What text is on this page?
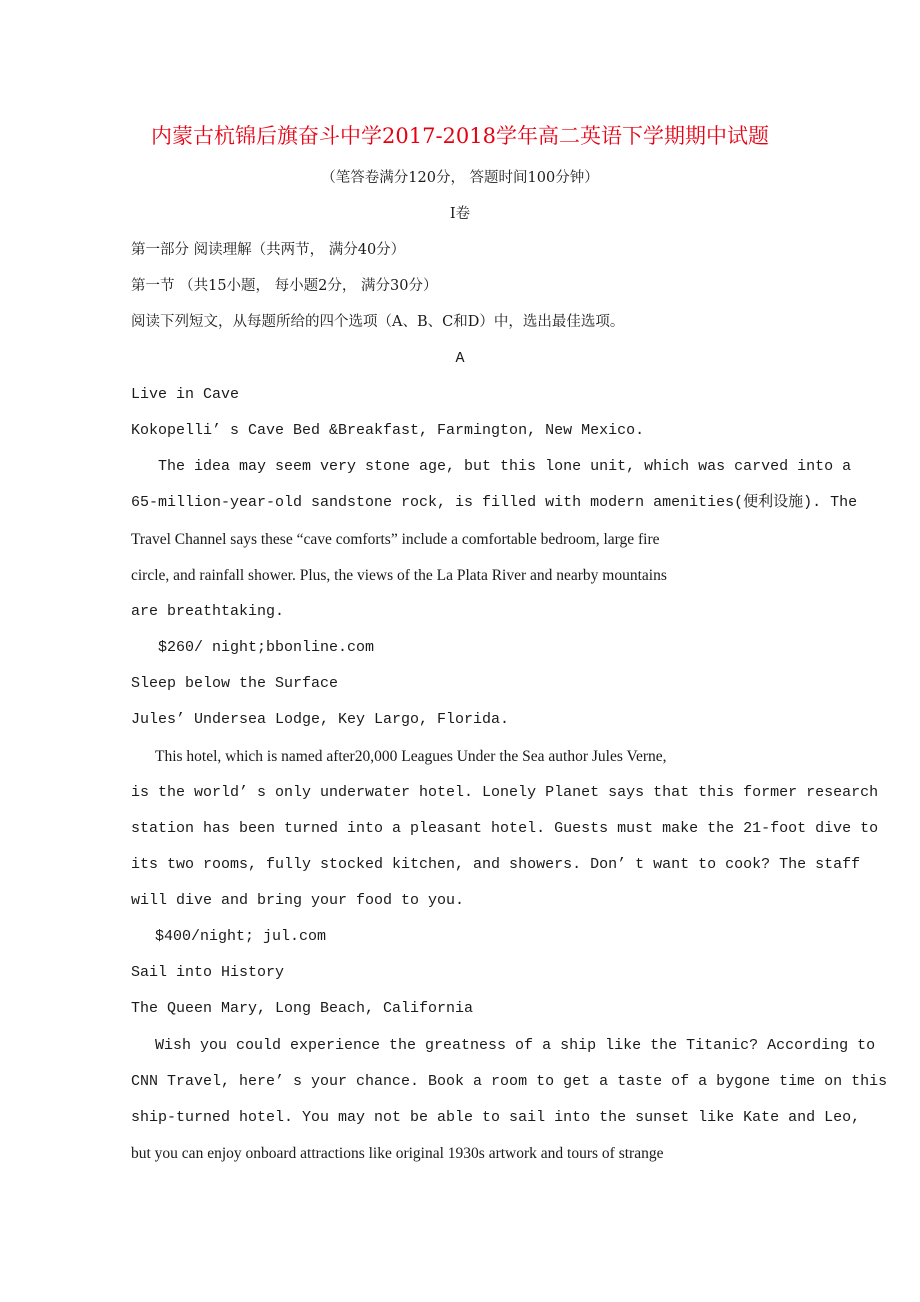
内蒙古杭锦后旗奋斗中学2017-2018学年高二英语下学期期中试题
（笔答卷满分120分， 答题时间100分钟）
Ⅰ卷
第一部分 阅读理解（共两节， 满分40分）
第一节 （共15小题， 每小题2分， 满分30分）
阅读下列短文，从每题所给的四个选项（A、B、C和D）中，选出最佳选项。
A
Live in Cave
Kokopelli’ s Cave Bed &Breakfast, Farmington, New Mexico.
The idea may seem very stone age, but this lone unit, which was carved into a
65-million-year-old sandstone rock, is filled with modern amenities(便利设施). The
Travel Channel says these “cave comforts” include a comfortable bedroom, large fire
circle, and rainfall shower. Plus, the views of the La Plata River and nearby mountains
are breathtaking.
$260/ night;bbonline.com
Sleep below the Surface
Jules’ Undersea Lodge, Key Largo, Florida.
This hotel, which is named after20,000 Leagues Under the Sea author Jules Verne,
is the world’ s only underwater hotel. Lonely Planet says that this former research
station has been turned into a pleasant hotel. Guests must make the 21-foot dive to
its two rooms, fully stocked kitchen, and showers. Don’ t want to cook? The staff
will dive and bring your food to you.
$400/night; jul.com
Sail into History
The Queen Mary, Long Beach, California
Wish you could experience the greatness of a ship like the Titanic? According to
CNN Travel, here’ s your chance. Book a room to get a taste of a bygone time on this
ship-turned hotel. You may not be able to sail into the sunset like Kate and Leo,
but you can enjoy onboard attractions like original 1930s artwork and tours of strange
